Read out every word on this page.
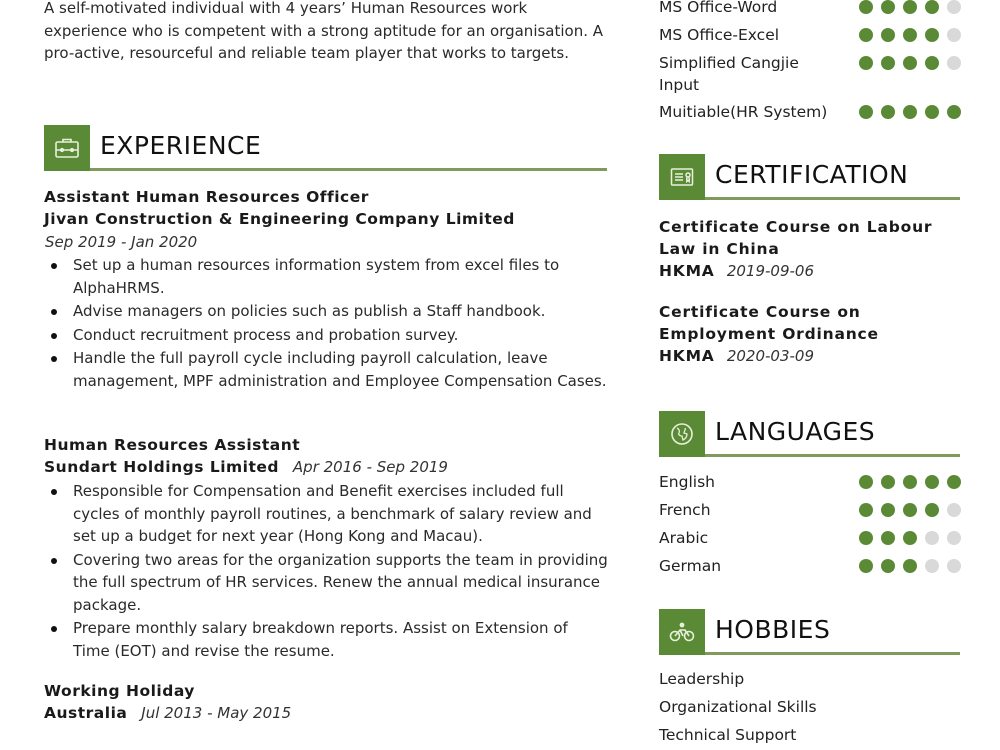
A self-motivated individual with 4 years’ Human Resources work experience who is competent with a strong aptitude for an organisation. A pro-active, resourceful and reliable team player that works to targets.
EXPERIENCE
Assistant Human Resources Officer
Jivan Construction & Engineering Company Limited
Sep 2019 - Jan 2020
Set up a human resources information system from excel files to AlphaHRMS.
Advise managers on policies such as publish a Staff handbook.
Conduct recruitment process and probation survey.
Handle the full payroll cycle including payroll calculation, leave management, MPF administration and Employee Compensation Cases.
Human Resources Assistant
Sundart Holdings Limited Apr 2016 - Sep 2019
Responsible for Compensation and Benefit exercises included full cycles of monthly payroll routines, a benchmark of salary review and set up a budget for next year (Hong Kong and Macau).
Covering two areas for the organization supports the team in providing the full spectrum of HR services. Renew the annual medical insurance package.
Prepare monthly salary breakdown reports. Assist on Extension of Time (EOT) and revise the resume.
Working Holiday
Australia Jul 2013 - May 2015
MS Office-Word
MS Office-Excel
Simplified Cangjie Input
Muitiable(HR System)
CERTIFICATION
Certificate Course on Labour Law in China
HKMA 2019-09-06
Certificate Course on Employment Ordinance
HKMA 2020-03-09
LANGUAGES
English
French
Arabic
German
HOBBIES
Leadership
Organizational Skills
Technical Support
